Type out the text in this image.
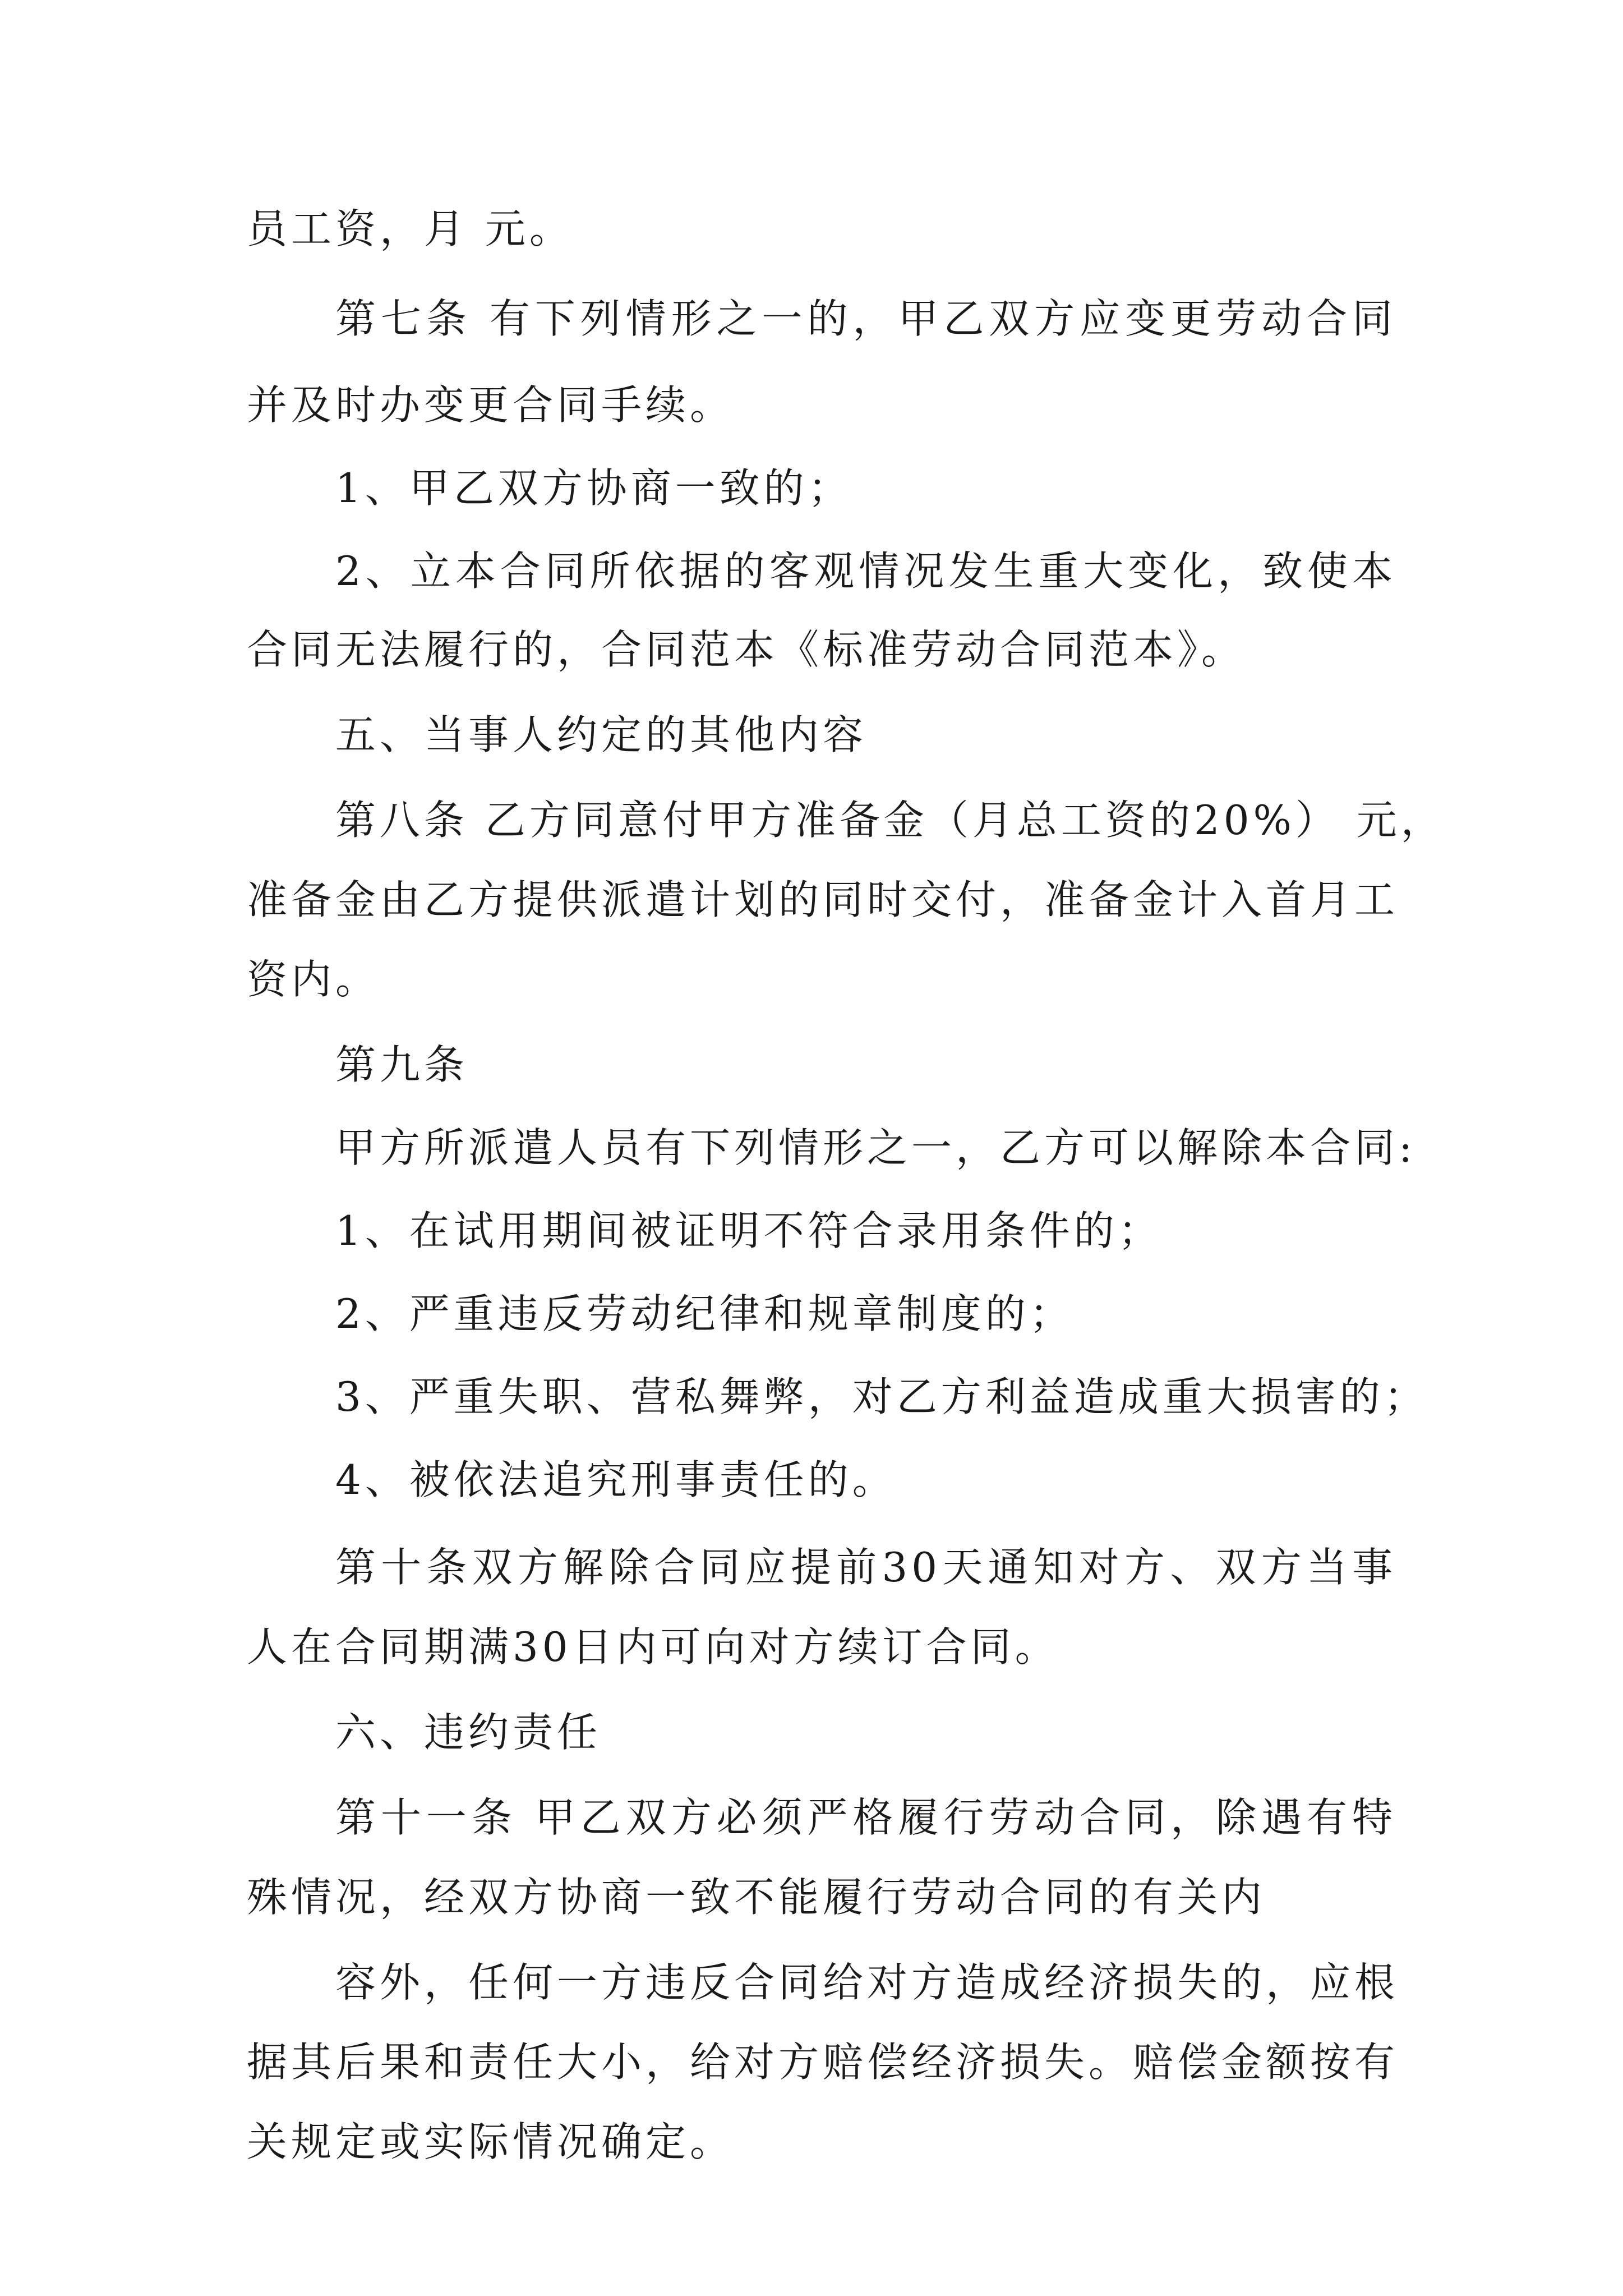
员工资，月 元。
第七条 有下列情形之一的，甲乙双方应变更劳动合同
并及时办变更合同手续。
1、甲乙双方协商一致的；
2、立本合同所依据的客观情况发生重大变化，致使本
合同无法履行的，合同范本《标准劳动合同范本》。
五、当事人约定的其他内容
第八条 乙方同意付甲方准备金（月总工资的20%） 元，
准备金由乙方提供派遣计划的同时交付，准备金计入首月工
资内。
第九条
甲方所派遣人员有下列情形之一，乙方可以解除本合同:
1、在试用期间被证明不符合录用条件的；
2、严重违反劳动纪律和规章制度的；
3、严重失职、营私舞弊，对乙方利益造成重大损害的；
4、被依法追究刑事责任的。
第十条双方解除合同应提前30天通知对方、双方当事
人在合同期满30日内可向对方续订合同。
六、违约责任
第十一条 甲乙双方必须严格履行劳动合同，除遇有特
殊情况，经双方协商一致不能履行劳动合同的有关内
容外，任何一方违反合同给对方造成经济损失的，应根
据其后果和责任大小，给对方赔偿经济损失。赔偿金额按有
关规定或实际情况确定。
